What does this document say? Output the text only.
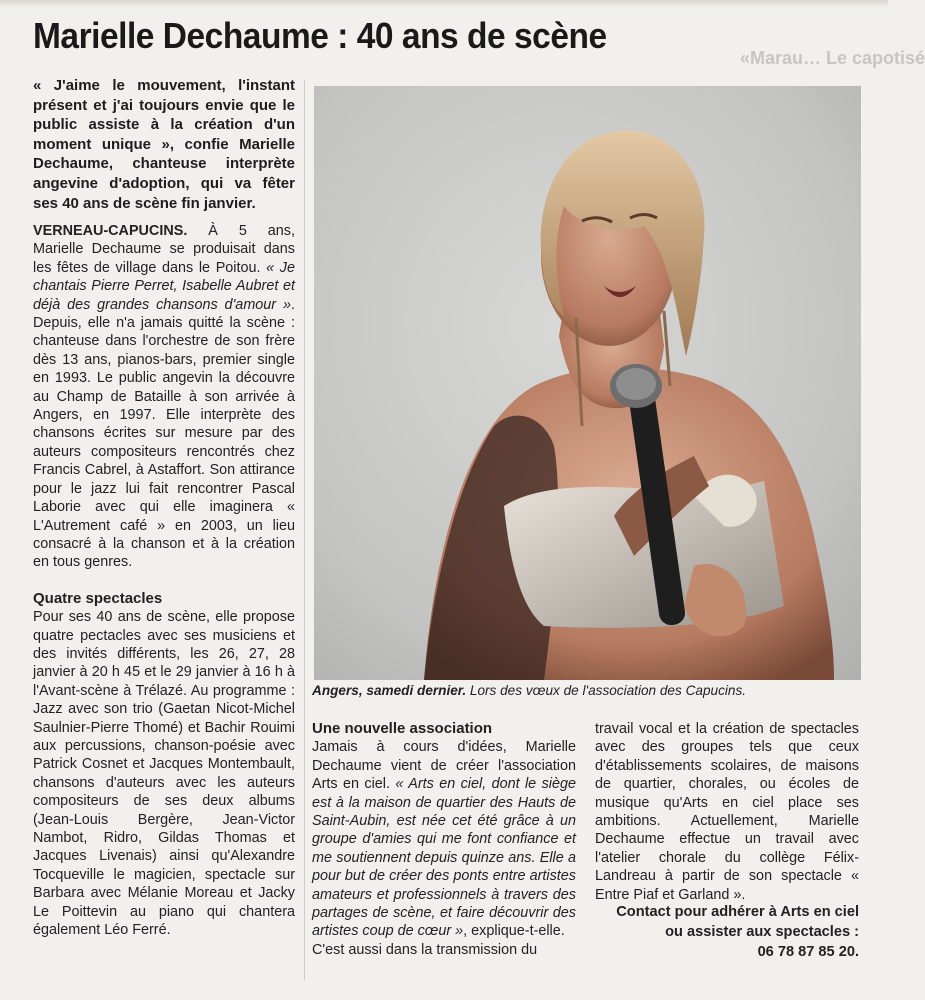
Marielle Dechaume : 40 ans de scène
«Marau… Le capotisé
« J'aime le mouvement, l'instant présent et j'ai toujours envie que le public assiste à la création d'un moment unique », confie Marielle Dechaume, chanteuse interprète angevine d'adoption, qui va fêter ses 40 ans de scène fin janvier.

VERNEAU-CAPUCINS. À 5 ans, Marielle Dechaume se produisait dans les fêtes de village dans le Poitou. « Je chantais Pierre Perret, Isabelle Aubret et déjà des grandes chansons d'amour ». Depuis, elle n'a jamais quitté la scène : chanteuse dans l'orchestre de son frère dès 13 ans, pianos-bars, premier single en 1993. Le public angevin la découvre au Champ de Bataille à son arrivée à Angers, en 1997. Elle interprète des chansons écrites sur mesure par des auteurs compositeurs rencontrés chez Francis Cabrel, à Astaffort. Son attirance pour le jazz lui fait rencontrer Pascal Laborie avec qui elle imaginera « L'Autrement café » en 2003, un lieu consacré à la chanson et à la création en tous genres.

Quatre spectacles

Pour ses 40 ans de scène, elle propose quatre pectacles avec ses musiciens et des invités différents, les 26, 27, 28 janvier à 20 h 45 et le 29 janvier à 16 h à l'Avant-scène à Trélazé. Au programme : Jazz avec son trio (Gaetan Nicot-Michel Saulnier-Pierre Thomé) et Bachir Rouimi aux percussions, chanson-poésie avec Patrick Cosnet et Jacques Montembault, chansons d'auteurs avec les auteurs compositeurs de ses deux albums (Jean-Louis Bergère, Jean-Victor Nambot, Ridro, Gildas Thomas et Jacques Livenais) ainsi qu'Alexandre Tocqueville le magicien, spectacle sur Barbara avec Mélanie Moreau et Jacky Le Poittevin au piano qui chantera également Léo Ferré.

Angers, samedi dernier. Lors des vœux de l'association des Capucins.

Une nouvelle association

Jamais à cours d'idées, Marielle Dechaume vient de créer l'association Arts en ciel. « Arts en ciel, dont le siège est à la maison de quartier des Hauts de Saint-Aubin, est née cet été grâce à un groupe d'amies qui me font confiance et me soutiennent depuis quinze ans. Elle a pour but de créer des ponts entre artistes amateurs et professionnels à travers des partages de scène, et faire découvrir des artistes coup de cœur », explique-t-elle.

C'est aussi dans la transmission du

travail vocal et la création de spectacles avec des groupes tels que ceux d'établissements scolaires, de maisons de quartier, chorales, ou écoles de musique qu'Arts en ciel place ses ambitions. Actuellement, Marielle Dechaume effectue un travail avec l'atelier chorale du collège Félix-Landreau à partir de son spectacle « Entre Piaf et Garland ».

Contact pour adhérer à Arts en ciel
ou assister aux spectacles :
06 78 87 85 20.
